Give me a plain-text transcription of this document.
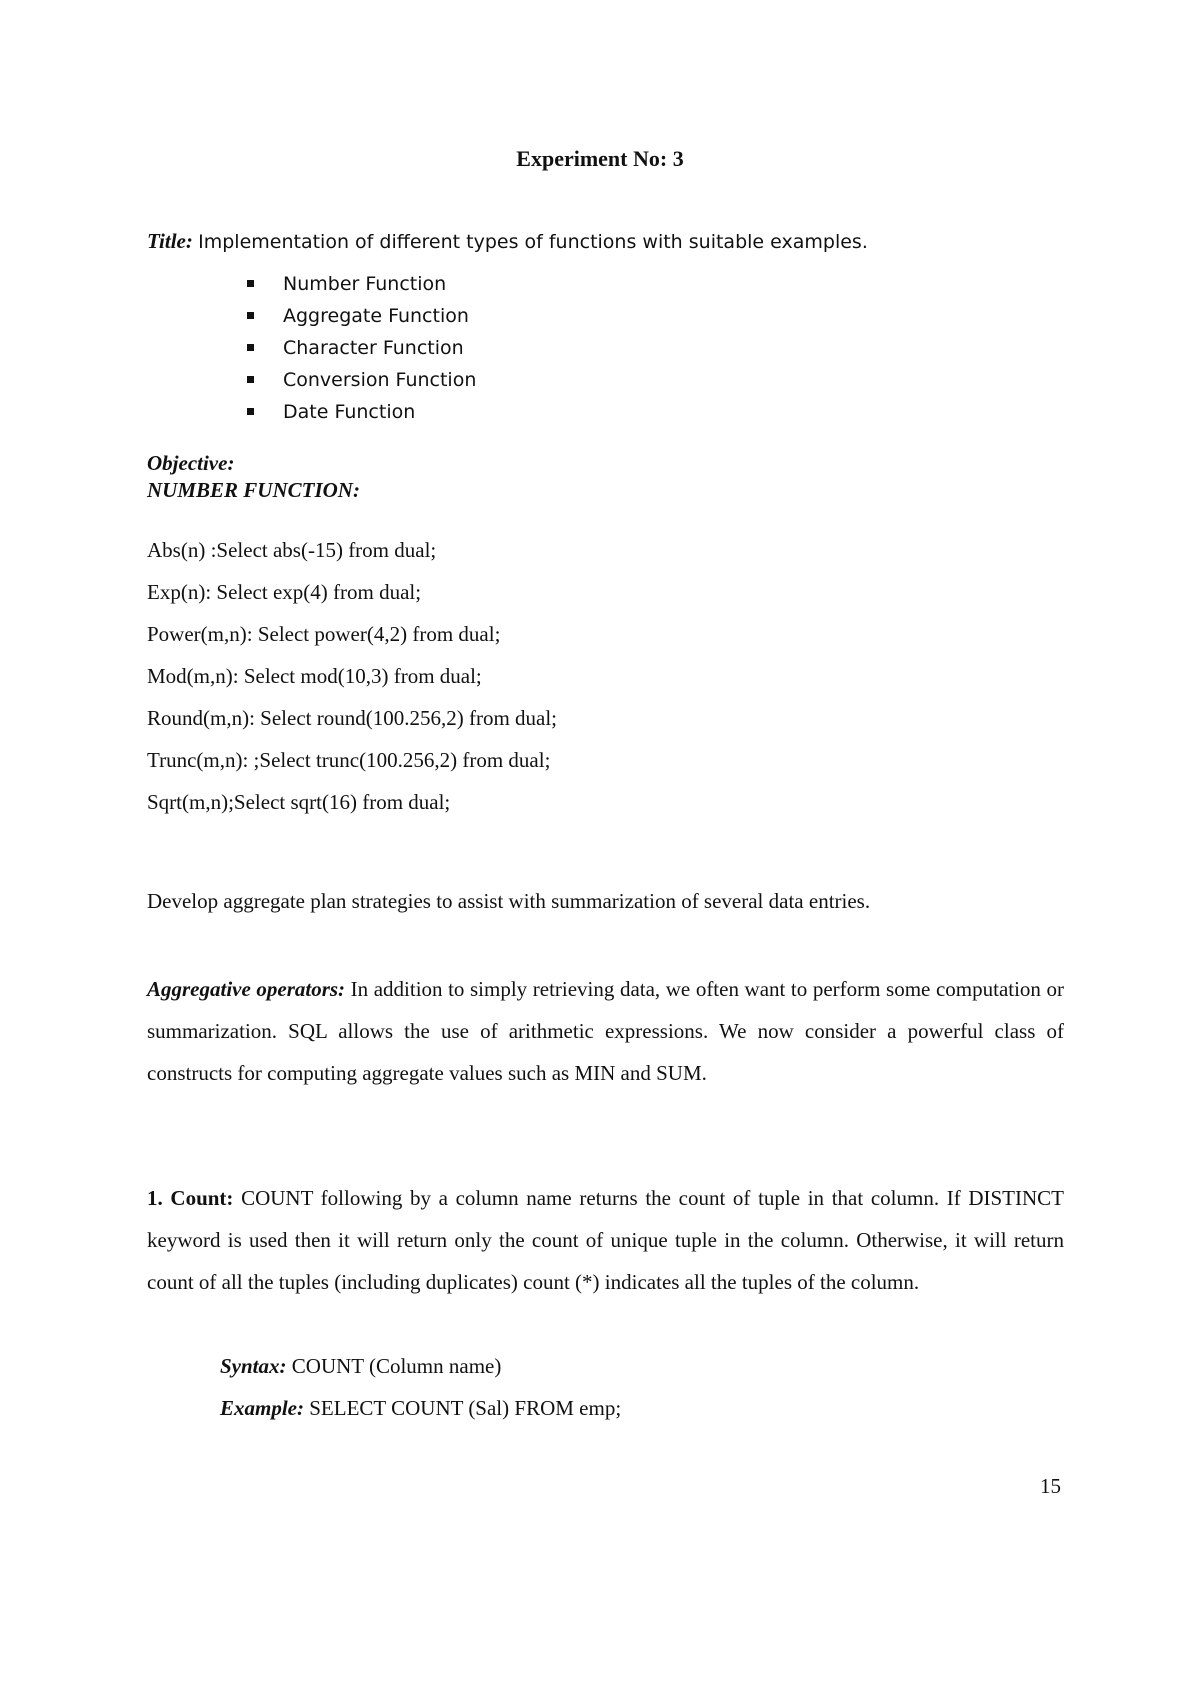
Experiment No: 3
Title: Implementation of different types of functions with suitable examples.
Number Function
Aggregate Function
Character Function
Conversion Function
Date Function
Objective:
NUMBER FUNCTION:
Abs(n) :Select abs(-15) from dual;
Exp(n): Select exp(4) from dual;
Power(m,n): Select power(4,2) from dual;
Mod(m,n): Select mod(10,3) from dual;
Round(m,n): Select round(100.256,2) from dual;
Trunc(m,n): ;Select trunc(100.256,2) from dual;
Sqrt(m,n);Select sqrt(16) from dual;
Develop aggregate plan strategies to assist with summarization of several data entries.
Aggregative operators: In addition to simply retrieving data, we often want to perform some computation or summarization. SQL allows the use of arithmetic expressions. We now consider a powerful class of constructs for computing aggregate values such as MIN and SUM.
1. Count: COUNT following by a column name returns the count of tuple in that column. If DISTINCT keyword is used then it will return only the count of unique tuple in the column. Otherwise, it will return count of all the tuples (including duplicates) count (*) indicates all the tuples of the column.
Syntax: COUNT (Column name)
Example: SELECT COUNT (Sal) FROM emp;
15
